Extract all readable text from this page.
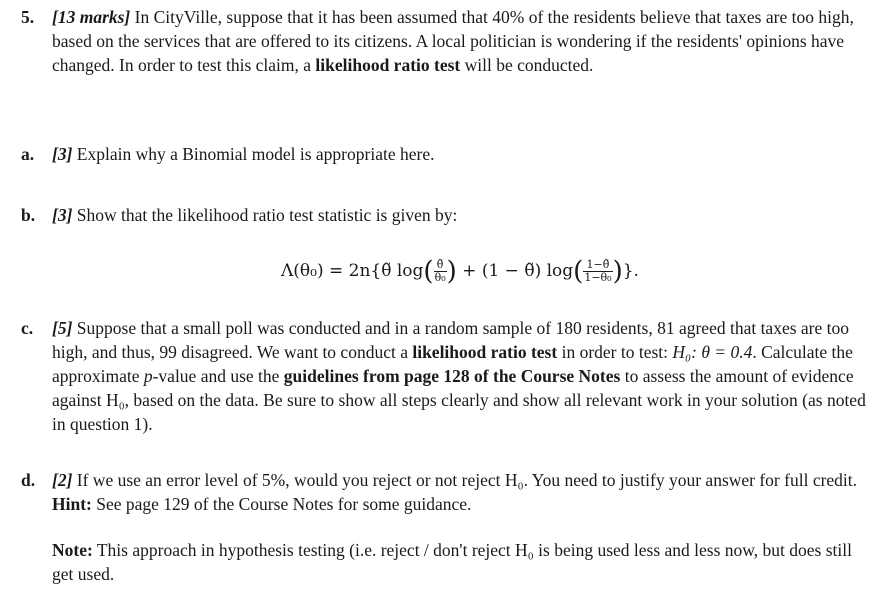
5. [13 marks] In CityVille, suppose that it has been assumed that 40% of the residents believe that taxes are too high, based on the services that are offered to its citizens. A local politician is wondering if the residents' opinions have changed. In order to test this claim, a likelihood ratio test will be conducted.
a. [3] Explain why a Binomial model is appropriate here.
b. [3] Show that the likelihood ratio test statistic is given by:
Λ(θ₀) = 2n{θ̃ $\log( \frac{\thetã}{\text{θ₀}}$ ) + (1 − θ̃) $\log( \frac{1-\thetã}{\text{1−θ₀}}$ )}.
c. [5] Suppose that a small poll was conducted and in a random sample of 180 residents, 81 agreed that taxes are too high, and thus, 99 disagreed. We want to conduct a likelihood ratio test in order to test: H₀: θ = 0.4. Calculate the approximate p-value and use the guidelines from page 128 of the Course Notes to assess the amount of evidence against H₀, based on the data. Be sure to show all steps clearly and show all relevant work in your solution (as noted in question 1).
d. [2] If we use an error level of 5%, would you reject or not reject H₀. You need to justify your answer for full credit. Hint: See page 129 of the Course Notes for some guidance.
Note: This approach in hypothesis testing (i.e. reject / don't reject H₀ is being used less and less now, but does still get used.
